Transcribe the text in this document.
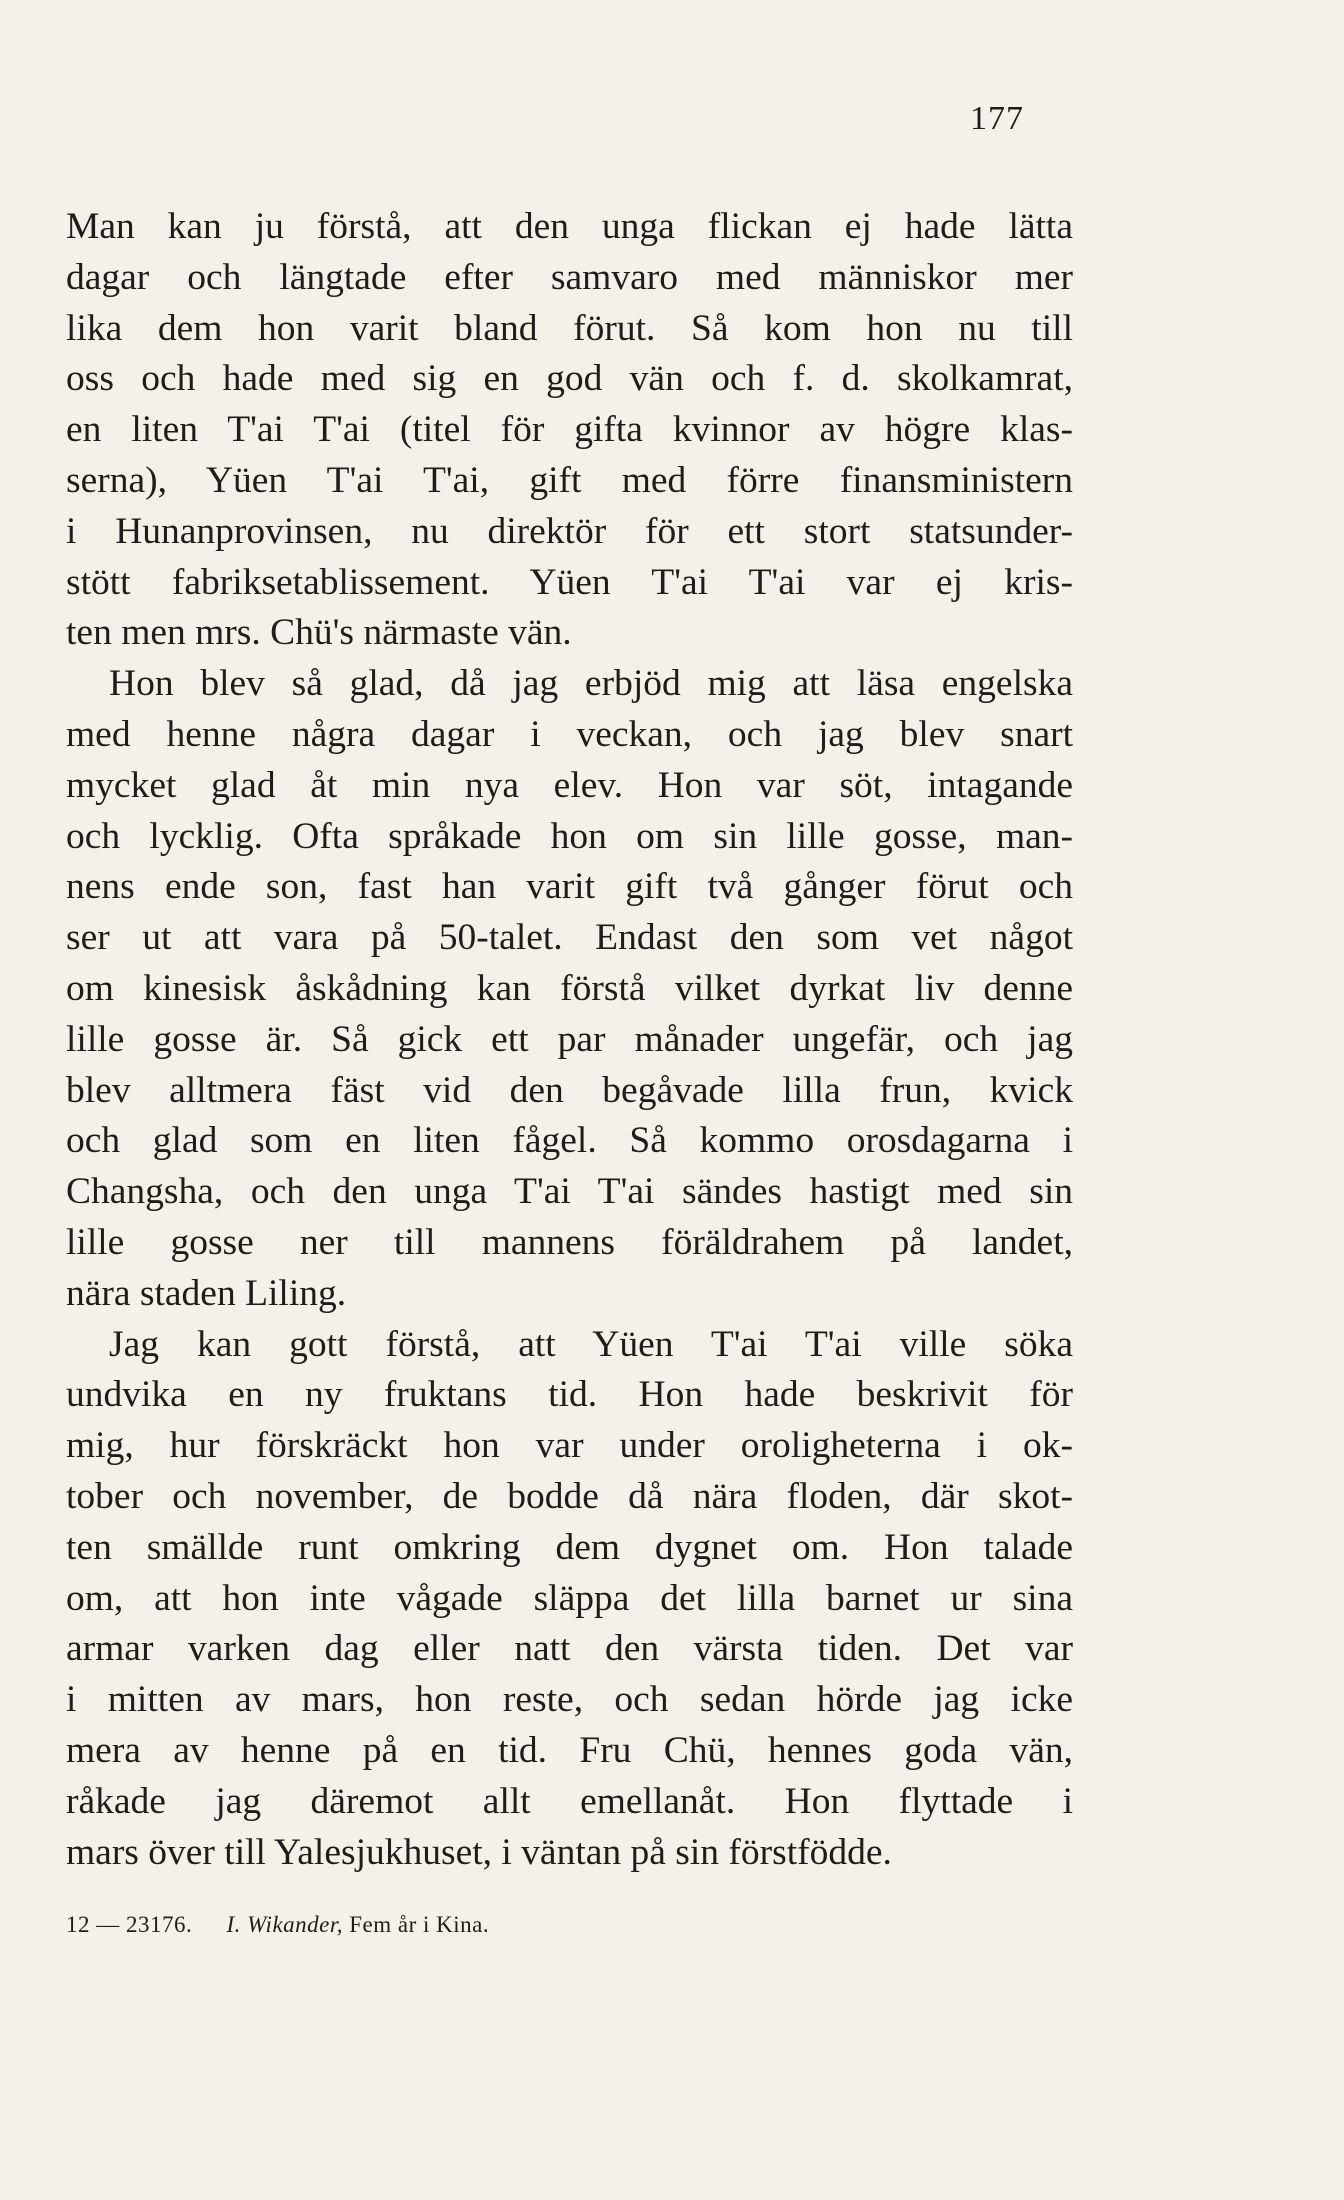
177
Man kan ju förstå, att den unga flickan ej hade lätta
dagar och längtade efter samvaro med människor mer
lika dem hon varit bland förut. Så kom hon nu till
oss och hade med sig en god vän och f. d. skolkamrat,
en liten T'ai T'ai (titel för gifta kvinnor av högre klas-
serna), Yüen T'ai T'ai, gift med förre finansministern
i Hunanprovinsen, nu direktör för ett stort statsunder-
stött fabriksetablissement. Yüen T'ai T'ai var ej kris-
ten men mrs. Chü's närmaste vän.
Hon blev så glad, då jag erbjöd mig att läsa engelska
med henne några dagar i veckan, och jag blev snart
mycket glad åt min nya elev. Hon var söt, intagande
och lycklig. Ofta språkade hon om sin lille gosse, man-
nens ende son, fast han varit gift två gånger förut och
ser ut att vara på 50-talet. Endast den som vet något
om kinesisk åskådning kan förstå vilket dyrkat liv denne
lille gosse är. Så gick ett par månader ungefär, och jag
blev alltmera fäst vid den begåvade lilla frun, kvick
och glad som en liten fågel. Så kommo orosdagarna i
Changsha, och den unga T'ai T'ai sändes hastigt med sin
lille gosse ner till mannens föräldrahem på landet,
nära staden Liling.
Jag kan gott förstå, att Yüen T'ai T'ai ville söka
undvika en ny fruktans tid. Hon hade beskrivit för
mig, hur förskräckt hon var under oroligheterna i ok-
tober och november, de bodde då nära floden, där skot-
ten smällde runt omkring dem dygnet om. Hon talade
om, att hon inte vågade släppa det lilla barnet ur sina
armar varken dag eller natt den värsta tiden. Det var
i mitten av mars, hon reste, och sedan hörde jag icke
mera av henne på en tid. Fru Chü, hennes goda vän,
råkade jag däremot allt emellanåt. Hon flyttade i
mars över till Yalesjukhuset, i väntan på sin förstfödde.
12 — 23176. I. Wikander, Fem år i Kina.
